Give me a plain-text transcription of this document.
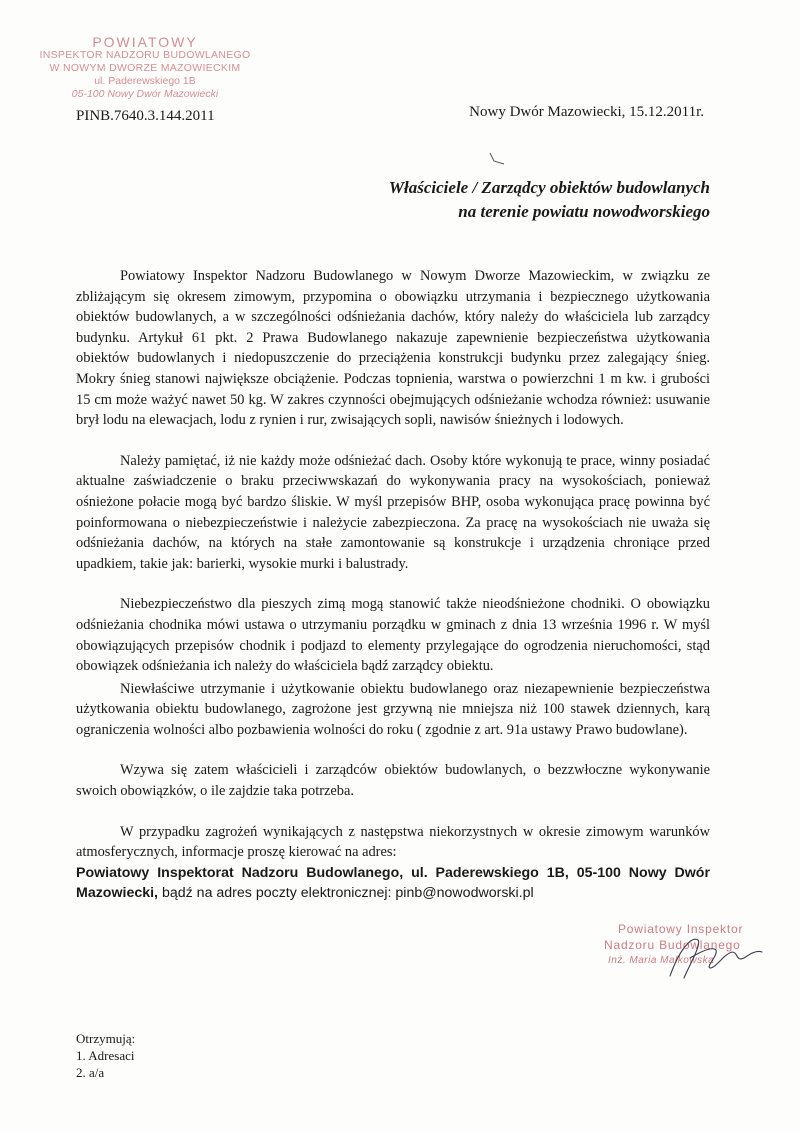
POWIATOWY
INSPEKTOR NADZORU BUDOWLANEGO
W NOWYM DWORZE MAZOWIECKIM
ul. Paderewskiego 1B
05-100 Nowy Dwór Mazowiecki
PINB.7640.3.144.2011	Nowy Dwór Mazowiecki, 15.12.2011r.
Właściciele / Zarządcy obiektów budowlanych
na terenie powiatu nowodworskiego

Powiatowy Inspektor Nadzoru Budowlanego w Nowym Dworze Mazowieckim, w związku ze zbliżającym się okresem zimowym, przypomina o obowiązku utrzymania i bezpiecznego użytkowania obiektów budowlanych, a w szczególności odśnieżania dachów, który należy do właściciela lub zarządcy budynku. Artykuł 61 pkt. 2 Prawa Budowlanego nakazuje zapewnienie bezpieczeństwa użytkowania obiektów budowlanych i niedopuszczenie do przeciążenia konstrukcji budynku przez zalegający śnieg. Mokry śnieg stanowi największe obciążenie. Podczas topnienia, warstwa o powierzchni 1 m kw. i grubości 15 cm może ważyć nawet 50 kg. W zakres czynności obejmujących odśnieżanie wchodza również: usuwanie brył lodu na elewacjach, lodu z rynien i rur, zwisających sopli, nawisów śnieżnych i lodowych.

Należy pamiętać, iż nie każdy może odśnieżać dach. Osoby które wykonują te prace, winny posiadać aktualne zaświadczenie o braku przeciwwskazań do wykonywania pracy na wysokościach, ponieważ ośnieżone połacie mogą być bardzo śliskie. W myśl przepisów BHP, osoba wykonująca pracę powinna być poinformowana o niebezpieczeństwie i należycie zabezpieczona. Za pracę na wysokościach nie uważa się odśnieżania dachów, na których na stałe zamontowanie są konstrukcje i urządzenia chroniące przed upadkiem, takie jak: barierki, wysokie murki i balustrady.

Niebezpieczeństwo dla pieszych zimą mogą stanowić także nieodśnieżone chodniki. O obowiązku odśnieżania chodnika mówi ustawa o utrzymaniu porządku w gminach z dnia 13 września 1996 r. W myśl obowiązujących przepisów chodnik i podjazd to elementy przylegające do ogrodzenia nieruchomości, stąd obowiązek odśnieżania ich należy do właściciela bądź zarządcy obiektu.

Niewłaściwe utrzymanie i użytkowanie obiektu budowlanego oraz niezapewnienie bezpieczeństwa użytkowania obiektu budowlanego, zagrożone jest grzywną nie mniejsza niż 100 stawek dziennych, karą ograniczenia wolności albo pozbawienia wolności do roku ( zgodnie z art. 91a ustawy Prawo budowlane).

Wzywa się zatem właścicieli i zarządców obiektów budowlanych, o bezzwłoczne wykonywanie swoich obowiązków, o ile zajdzie taka potrzeba.

W przypadku zagrożeń wynikających z następstwa niekorzystnych w okresie zimowym warunków atmosferycznych, informacje proszę kierować na adres:

Powiatowy Inspektorat Nadzoru Budowlanego, ul. Paderewskiego 1B, 05-100 Nowy Dwór Mazowiecki, bądź na adres poczty elektronicznej: pinb@nowodworski.pl

Powiatowy Inspektor
Nadzoru Budowlanego
Inż. Maria Małkowska
Otrzymują:
1. Adresaci
2. a/a
